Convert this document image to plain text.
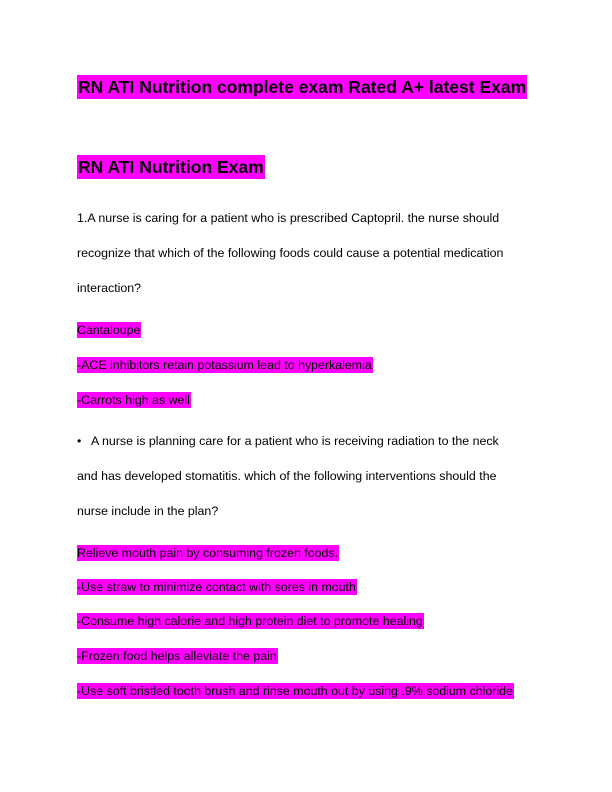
RN ATI Nutrition complete exam Rated A+ latest Exam
RN ATI Nutrition Exam
1.A nurse is caring for a patient who is prescribed Captopril. the nurse should
recognize that which of the following foods could cause a potential medication
interaction?
Cantaloupe
-ACE inhibitors retain potassium lead to hyperkalemia
-Carrots high as well
• A nurse is planning care for a patient who is receiving radiation to the neck
and has developed stomatitis. which of the following interventions should the
nurse include in the plan?
Relieve mouth pain by consuming frozen foods.
-Use straw to minimize contact with sores in mouth
-Consume high calorie and high protein diet to promote healing
-Frozen food helps alleviate the pain
-Use soft bristled tooth brush and rinse mouth out by using .9% sodium chloride
